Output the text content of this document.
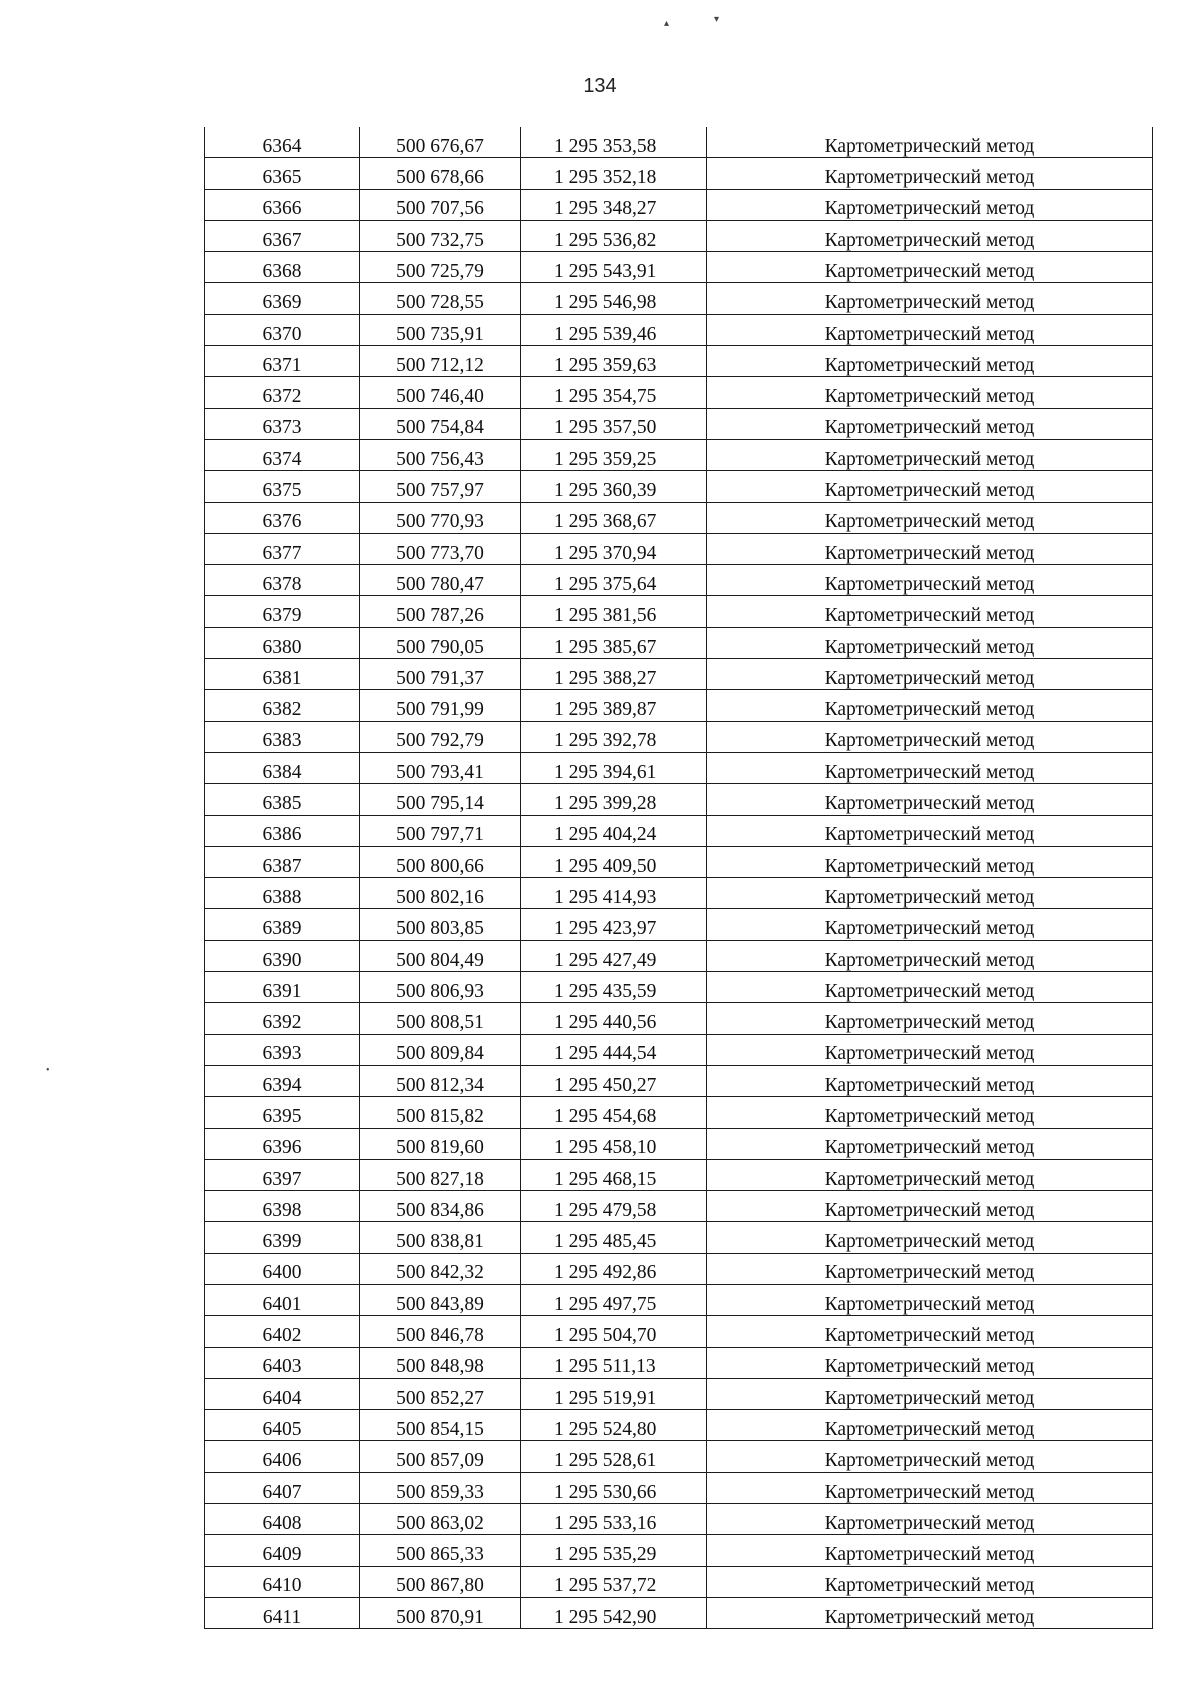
▴	▾
•
134
6364	500 676,67	1 295 353,58	Картометрический метод
6365	500 678,66	1 295 352,18	Картометрический метод
6366	500 707,56	1 295 348,27	Картометрический метод
6367	500 732,75	1 295 536,82	Картометрический метод
6368	500 725,79	1 295 543,91	Картометрический метод
6369	500 728,55	1 295 546,98	Картометрический метод
6370	500 735,91	1 295 539,46	Картометрический метод
6371	500 712,12	1 295 359,63	Картометрический метод
6372	500 746,40	1 295 354,75	Картометрический метод
6373	500 754,84	1 295 357,50	Картометрический метод
6374	500 756,43	1 295 359,25	Картометрический метод
6375	500 757,97	1 295 360,39	Картометрический метод
6376	500 770,93	1 295 368,67	Картометрический метод
6377	500 773,70	1 295 370,94	Картометрический метод
6378	500 780,47	1 295 375,64	Картометрический метод
6379	500 787,26	1 295 381,56	Картометрический метод
6380	500 790,05	1 295 385,67	Картометрический метод
6381	500 791,37	1 295 388,27	Картометрический метод
6382	500 791,99	1 295 389,87	Картометрический метод
6383	500 792,79	1 295 392,78	Картометрический метод
6384	500 793,41	1 295 394,61	Картометрический метод
6385	500 795,14	1 295 399,28	Картометрический метод
6386	500 797,71	1 295 404,24	Картометрический метод
6387	500 800,66	1 295 409,50	Картометрический метод
6388	500 802,16	1 295 414,93	Картометрический метод
6389	500 803,85	1 295 423,97	Картометрический метод
6390	500 804,49	1 295 427,49	Картометрический метод
6391	500 806,93	1 295 435,59	Картометрический метод
6392	500 808,51	1 295 440,56	Картометрический метод
6393	500 809,84	1 295 444,54	Картометрический метод
6394	500 812,34	1 295 450,27	Картометрический метод
6395	500 815,82	1 295 454,68	Картометрический метод
6396	500 819,60	1 295 458,10	Картометрический метод
6397	500 827,18	1 295 468,15	Картометрический метод
6398	500 834,86	1 295 479,58	Картометрический метод
6399	500 838,81	1 295 485,45	Картометрический метод
6400	500 842,32	1 295 492,86	Картометрический метод
6401	500 843,89	1 295 497,75	Картометрический метод
6402	500 846,78	1 295 504,70	Картометрический метод
6403	500 848,98	1 295 511,13	Картометрический метод
6404	500 852,27	1 295 519,91	Картометрический метод
6405	500 854,15	1 295 524,80	Картометрический метод
6406	500 857,09	1 295 528,61	Картометрический метод
6407	500 859,33	1 295 530,66	Картометрический метод
6408	500 863,02	1 295 533,16	Картометрический метод
6409	500 865,33	1 295 535,29	Картометрический метод
6410	500 867,80	1 295 537,72	Картометрический метод
6411	500 870,91	1 295 542,90	Картометрический метод
